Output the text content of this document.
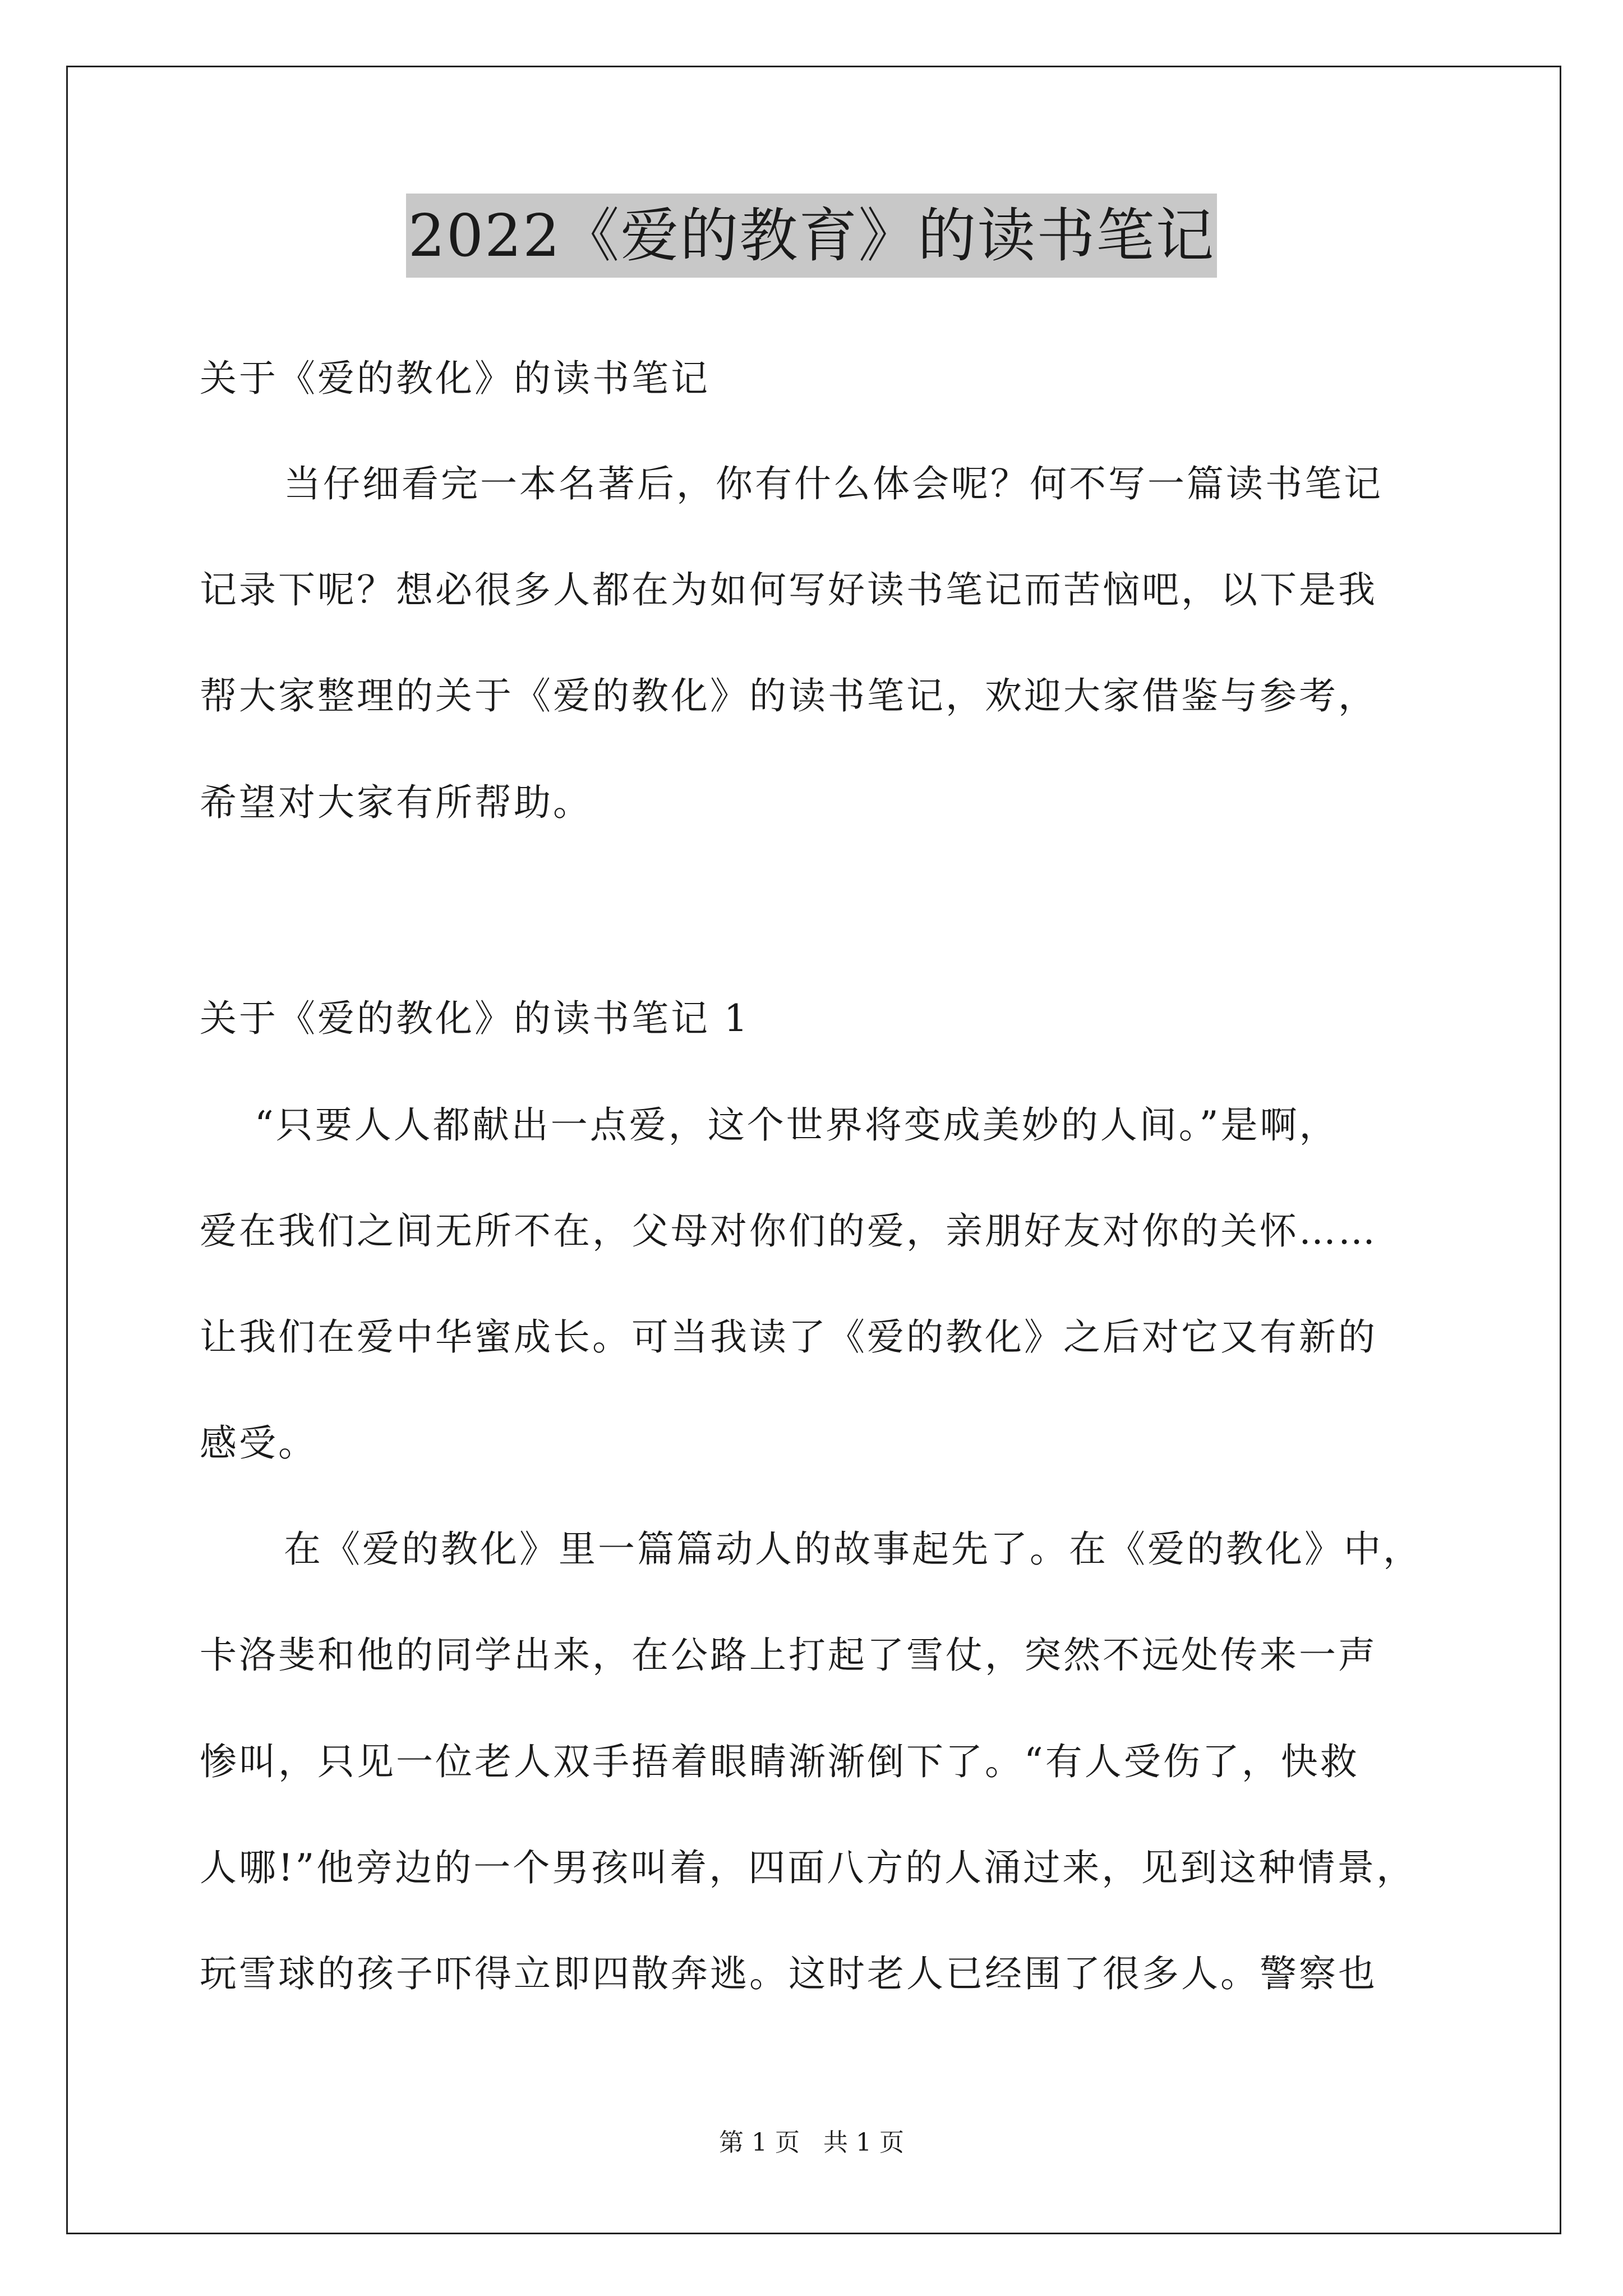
2022《爱的教育》的读书笔记
关于《爱的教化》的读书笔记
当仔细看完一本名著后，你有什么体会呢？何不写一篇读书笔记
记录下呢？想必很多人都在为如何写好读书笔记而苦恼吧，以下是我
帮大家整理的关于《爱的教化》的读书笔记，欢迎大家借鉴与参考，
希望对大家有所帮助。
关于《爱的教化》的读书笔记 1
“只要人人都献出一点爱，这个世界将变成美妙的人间。”是啊，
爱在我们之间无所不在，父母对你们的爱，亲朋好友对你的关怀……
让我们在爱中华蜜成长。可当我读了《爱的教化》之后对它又有新的
感受。
在《爱的教化》里一篇篇动人的故事起先了。在《爱的教化》中，
卡洛斐和他的同学出来，在公路上打起了雪仗，突然不远处传来一声
惨叫，只见一位老人双手捂着眼睛渐渐倒下了。“有人受伤了，快救
人哪!”他旁边的一个男孩叫着，四面八方的人涌过来，见到这种情景，
玩雪球的孩子吓得立即四散奔逃。这时老人已经围了很多人。警察也
第 1 页   共 1 页
